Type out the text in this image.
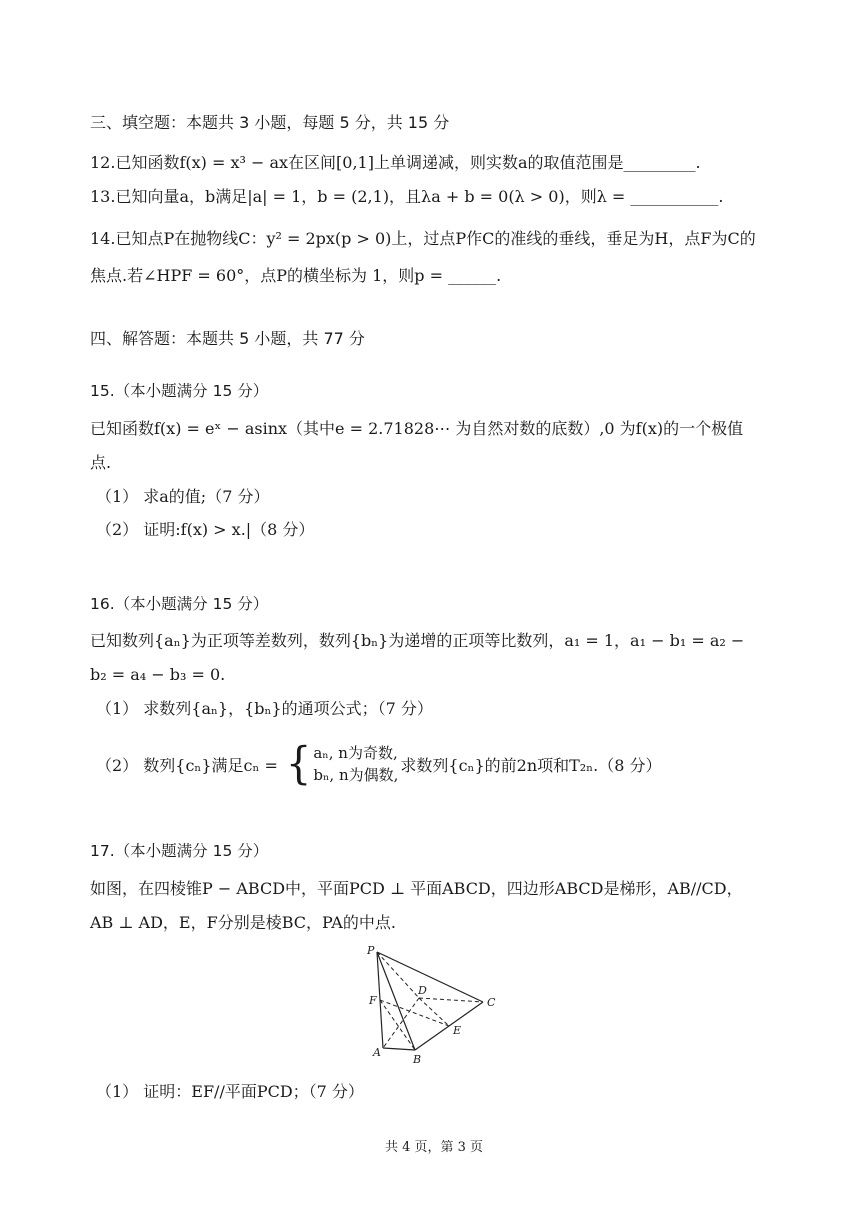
三、填空题：本题共 3 小题，每题 5 分，共 15 分
12.已知函数f(x) = x³ − ax在区间[0,1]上单调递减，则实数a的取值范围是_________.
13.已知向量a，b满足|a| = 1，b = (2,1)，且λa + b = 0(λ > 0)，则λ = ___________.
14.已知点P在抛物线C：y² = 2px(p > 0)上，过点P作C的准线的垂线，垂足为H，点F为C的
焦点.若∠HPF = 60°，点P的横坐标为 1，则p = ______.
四、解答题：本题共 5 小题，共 77 分
15.（本小题满分 15 分）
已知函数f(x) = eˣ − asinx（其中e = 2.71828⋯ 为自然对数的底数）,0 为f(x)的一个极值
点.
（1） 求a的值;（7 分）
（2） 证明:f(x) > x.|（8 分）
16.（本小题满分 15 分）
已知数列{aₙ}为正项等差数列，数列{bₙ}为递增的正项等比数列，a₁ = 1，a₁ − b₁ = a₂ −
b₂ = a₄ − b₃ = 0.
（1） 求数列{aₙ}，{bₙ}的通项公式；（7 分）
（2） 数列{cₙ}满足cₙ = { aₙ, n为奇数,
bₙ, n为偶数,
求数列{cₙ}的前2n项和T₂ₙ.（8 分）
17.（本小题满分 15 分）
如图，在四棱锥P − ABCD中，平面PCD ⊥ 平面ABCD，四边形ABCD是梯形，AB//CD，
AB ⊥ AD，E，F分别是棱BC，PA的中点.
P
F
D
C
E
A
B
（1） 证明：EF//平面PCD；（7 分）
共 4 页，第 3 页
